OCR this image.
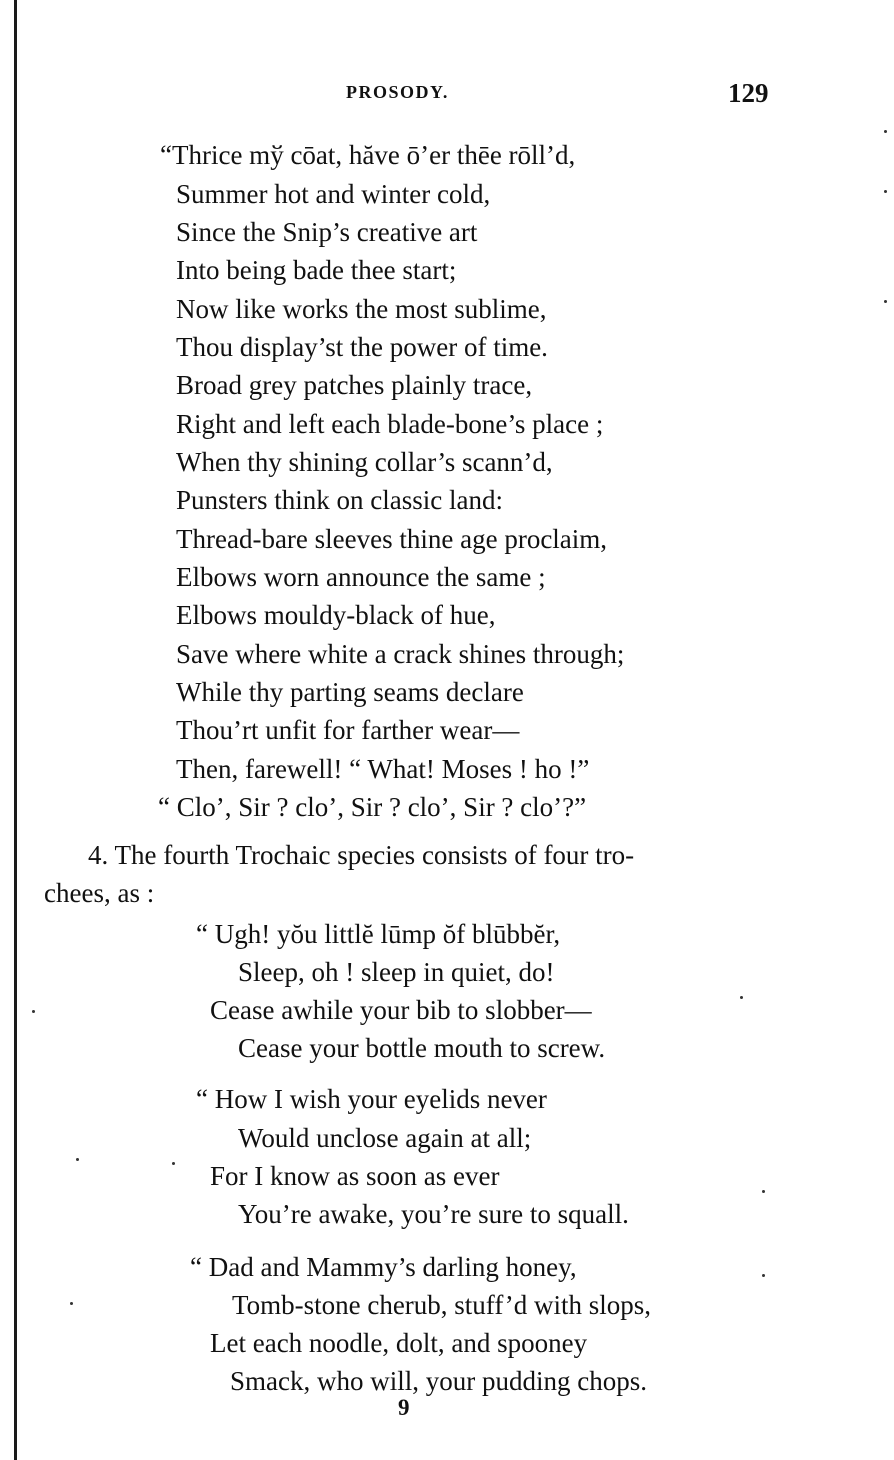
PROSODY.	129
“Thrice mў cōat, hăve ō’er thēe rōll’d,
Summer hot and winter cold,
Since the Snip’s creative art
Into being bade thee start;
Now like works the most sublime,
Thou display’st the power of time.
Broad grey patches plainly trace,
Right and left each blade-bone’s place ;
When thy shining collar’s scann’d,
Punsters think on classic land:
Thread-bare sleeves thine age proclaim,
Elbows worn announce the same ;
Elbows mouldy-black of hue,
Save where white a crack shines through;
While thy parting seams declare
Thou’rt unfit for farther wear—
Then, farewell! “ What! Moses ! ho !”
“ Clo’, Sir ? clo’, Sir ? clo’, Sir ? clo’?”
4. The fourth Trochaic species consists of four tro-
chees, as :
“ Ugh! yŏu littlĕ lūmp ŏf blūbbĕr,
Sleep, oh ! sleep in quiet, do!
Cease awhile your bib to slobber—
Cease your bottle mouth to screw.
“ How I wish your eyelids never
Would unclose again at all;
For I know as soon as ever
You’re awake, you’re sure to squall.
“ Dad and Mammy’s darling honey,
Tomb-stone cherub, stuff’d with slops,
Let each noodle, dolt, and spooney
Smack, who will, your pudding chops.
9
